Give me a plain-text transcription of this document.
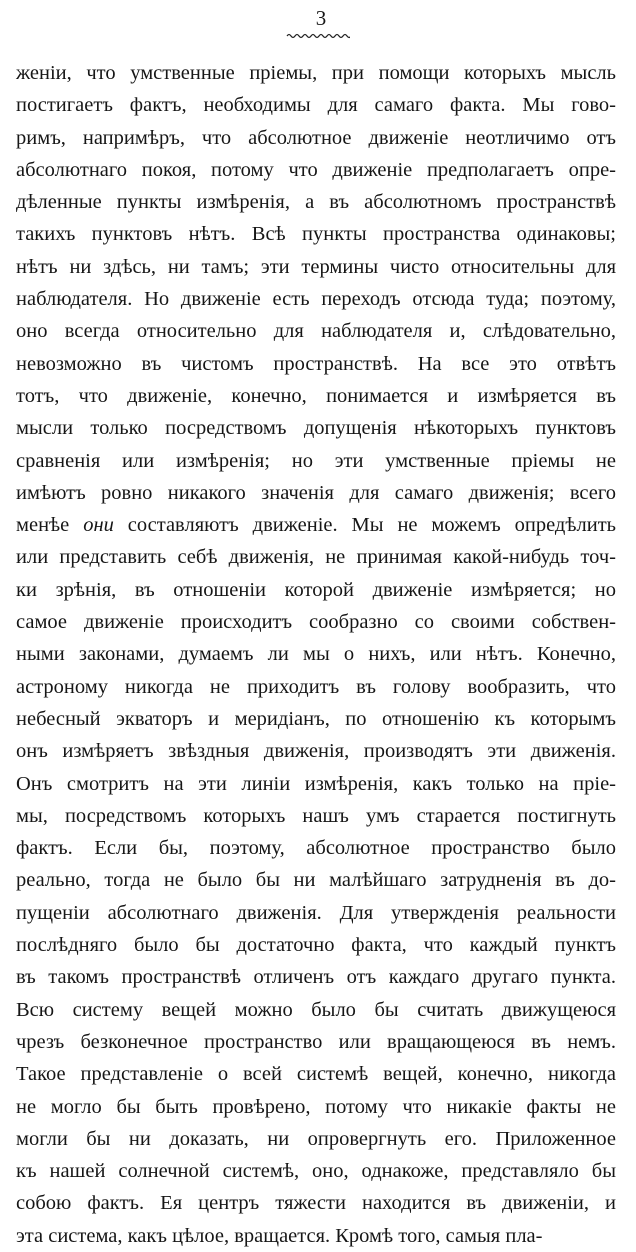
3
женіи, что умственные пріемы, при помощи которыхъ мысль
постигаетъ фактъ, необходимы для самаго факта. Мы гово-
римъ, напримѣръ, что абсолютное движеніе неотличимо отъ
абсолютнаго покоя, потому что движеніе предполагаетъ опре-
дѣленные пункты измѣренія, а въ абсолютномъ пространствѣ
такихъ пунктовъ нѣтъ. Всѣ пункты пространства одинаковы;
нѣтъ ни здѣсь, ни тамъ; эти термины чисто относительны для
наблюдателя. Но движеніе есть переходъ отсюда туда; поэтому,
оно всегда относительно для наблюдателя и, слѣдовательно,
невозможно въ чистомъ пространствѣ. На все это отвѣтъ
тотъ, что движеніе, конечно, понимается и измѣряется въ
мысли только посредствомъ допущенія нѣкоторыхъ пунктовъ
сравненія или измѣренія; но эти умственные пріемы не
имѣютъ ровно никакого значенія для самаго движенія; всего
менѣе они составляютъ движеніе. Мы не можемъ опредѣлить
или представить себѣ движенія, не принимая какой-нибудь точ-
ки зрѣнія, въ отношеніи которой движеніе измѣряется; но
самое движеніе происходитъ сообразно со своими собствен-
ными законами, думаемъ ли мы о нихъ, или нѣтъ. Конечно,
астроному никогда не приходитъ въ голову вообразить, что
небесный экваторъ и меридіанъ, по отношенію къ которымъ
онъ измѣряетъ звѣздныя движенія, производятъ эти движенія.
Онъ смотритъ на эти линіи измѣренія, какъ только на пріе-
мы, посредствомъ которыхъ нашъ умъ старается постигнуть
фактъ. Если бы, поэтому, абсолютное пространство было
реально, тогда не было бы ни малѣйшаго затрудненія въ до-
пущеніи абсолютнаго движенія. Для утвержденія реальности
послѣдняго было бы достаточно факта, что каждый пунктъ
въ такомъ пространствѣ отличенъ отъ каждаго другаго пункта.
Всю систему вещей можно было бы считать движущеюся
чрезъ безконечное пространство или вращающеюся въ немъ.
Такое представленіе о всей системѣ вещей, конечно, никогда
не могло бы быть провѣрено, потому что никакіе факты не
могли бы ни доказать, ни опровергнуть его. Приложенное
къ нашей солнечной системѣ, оно, однакоже, представляло бы
собою фактъ. Ея центръ тяжести находится въ движеніи, и
эта система, какъ цѣлое, вращается. Кромѣ того, самыя пла-
